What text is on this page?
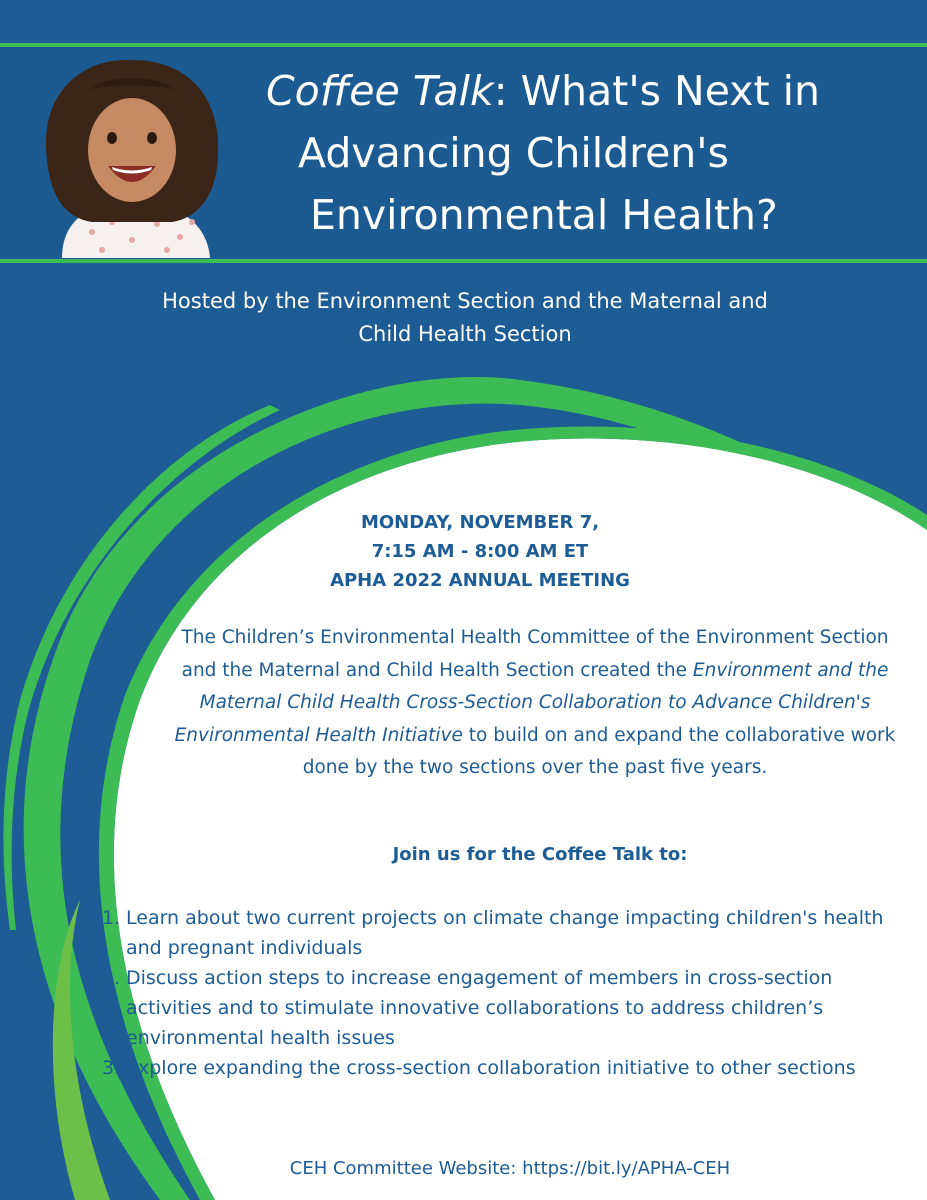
Coffee Talk: What's Next in
Advancing Children's
Environmental Health?
Hosted by the Environment Section and the Maternal and
Child Health Section
MONDAY, NOVEMBER 7,
7:15 AM - 8:00 AM ET
APHA 2022 ANNUAL MEETING
The Children’s Environmental Health Committee of the Environment Section and the Maternal and Child Health Section created the Environment and the Maternal Child Health Cross-Section Collaboration to Advance Children's Environmental Health Initiative to build on and expand the collaborative work done by the two sections over the past five years.
Join us for the Coffee Talk to:
1. Learn about two current projects on climate change impacting children's health and pregnant individuals
2. Discuss action steps to increase engagement of members in cross-section activities and to stimulate innovative collaborations to address children’s environmental health issues
3. Explore expanding the cross-section collaboration initiative to other sections
CEH Committee Website: https://bit.ly/APHA-CEH
